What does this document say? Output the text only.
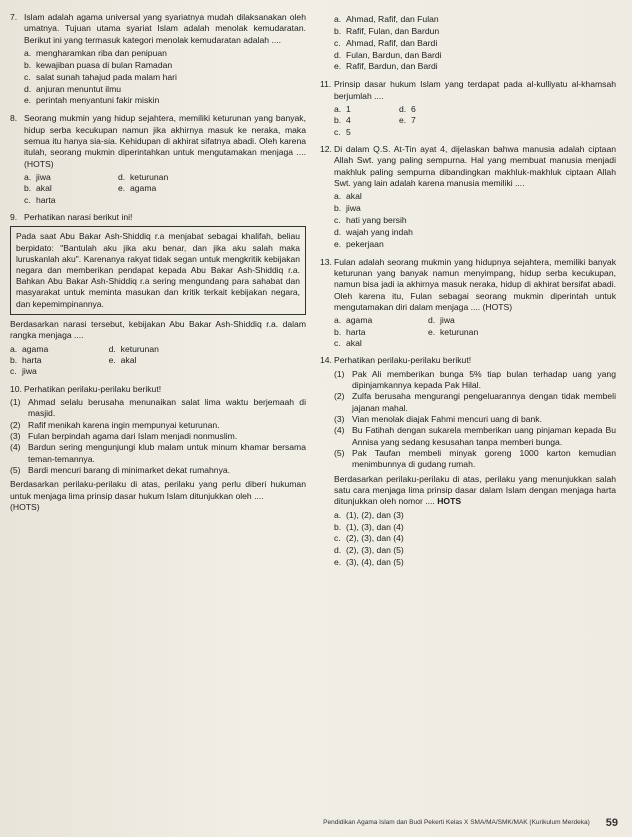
7. Islam adalah agama universal yang syariatnya mudah dilaksanakan oleh umatnya. Tujuan utama syariat Islam adalah menolak kemudaratan. Berikut ini yang termasuk kategori menolak kemudaratan adalah ....
a. mengharamkan riba dan penipuan
b. kewajiban puasa di bulan Ramadan
c. salat sunah tahajud pada malam hari
d. anjuran menuntut ilmu
e. perintah menyantuni fakir miskin
8. Seorang mukmin yang hidup sejahtera, memiliki keturunan yang banyak, hidup serba kecukupan namun jika akhirnya masuk ke neraka, maka semua itu hanya sia-sia. Kehidupan di akhirat sifatnya abadi. Oleh karena itulah, seorang mukmin diperintahkan untuk mengutamakan menjaga .... (HOTS)
a. jiwa	d. keturunan
b. akal	e. agama
c. harta
9. Perhatikan narasi berikut ini!
Pada saat Abu Bakar Ash-Shiddiq r.a menjabat sebagai khalifah, beliau berpidato: "Bantulah aku jika aku benar, dan jika aku salah maka luruskanlah aku". Karenanya rakyat tidak segan untuk mengkritik kebijakan negara dan memberikan pendapat kepada Abu Bakar Ash-Shiddiq r.a. Bahkan Abu Bakar Ash-Shiddiq r.a sering mengundang para sahabat dan masyarakat untuk meminta masukan dan kritik terkait kebijakan negara, dan kepemimpinannya.
Berdasarkan narasi tersebut, kebijakan Abu Bakar Ash-Shiddiq r.a. dalam rangka menjaga ....
a. agama	d. keturunan
b. harta	e. akal
c. jiwa
10. Perhatikan perilaku-perilaku berikut!
(1) Ahmad selalu berusaha menunaikan salat lima waktu berjemaah di masjid.
(2) Rafif menikah karena ingin mempunyai keturunan.
(3) Fulan berpindah agama dari Islam menjadi nonmuslim.
(4) Bardun sering mengunjungi klub malam untuk minum khamar bersama teman-temannya.
(5) Bardi mencuri barang di minimarket dekat rumahnya.
Berdasarkan perilaku-perilaku di atas, perilaku yang perlu diberi hukuman untuk menjaga lima prinsip dasar hukum Islam ditunjukkan oleh ....
(HOTS)
a. Ahmad, Rafif, dan Fulan
b. Rafif, Fulan, dan Bardun
c. Ahmad, Rafif, dan Bardi
d. Fulan, Bardun, dan Bardi
e. Rafif, Bardun, dan Bardi
11. Prinsip dasar hukum Islam yang terdapat pada al-kulliyatu al-khamsah berjumlah ....
a. 1	d. 6
b. 4	e. 7
c. 5
12. Di dalam Q.S. At-Tin ayat 4, dijelaskan bahwa manusia adalah ciptaan Allah Swt. yang paling sempurna. Hal yang membuat manusia menjadi makhluk paling sempurna dibandingkan makhluk-makhluk ciptaan Allah Swt. yang lain adalah karena manusia memiliki ....
a. akal
b. jiwa
c. hati yang bersih
d. wajah yang indah
e. pekerjaan
13. Fulan adalah seorang mukmin yang hidupnya sejahtera, memiliki banyak keturunan yang banyak namun menyimpang, hidup serba kecukupan, namun bisa jadi ia akhirnya masuk neraka, hidup di akhirat bersifat abadi. Oleh karena itu, Fulan sebagai seorang mukmin diperintah untuk mengutamakan diri dalam menjaga .... (HOTS)
a. agama	d. jiwa
b. harta	e. keturunan
c. akal
14. Perhatikan perilaku-perilaku berikut!
(1) Pak Ali memberikan bunga 5% tiap bulan terhadap uang yang dipinjamkannya kepada Pak Hilal.
(2) Zulfa berusaha mengurangi pengeluarannya dengan tidak membeli jajanan mahal.
(3) Vian menolak diajak Fahmi mencuri uang di bank.
(4) Bu Fatihah dengan sukarela memberikan uang pinjaman kepada Bu Annisa yang sedang kesusahan tanpa memberi bunga.
(5) Pak Taufan membeli minyak goreng 1000 karton kemudian menimbunnya di gudang rumah.
Berdasarkan perilaku-perilaku di atas, perilaku yang menunjukkan salah satu cara menjaga lima prinsip dasar dalam Islam dengan menjaga harta ditunjukkan oleh nomor .... HOTS
a. (1), (2), dan (3)
b. (1), (3), dan (4)
c. (2), (3), dan (4)
d. (2), (3), dan (5)
e. (3), (4), dan (5)
Pendidikan Agama Islam dan Budi Pekerti Kelas X SMA/MA/SMK/MAK (Kurikulum Merdeka) 59
